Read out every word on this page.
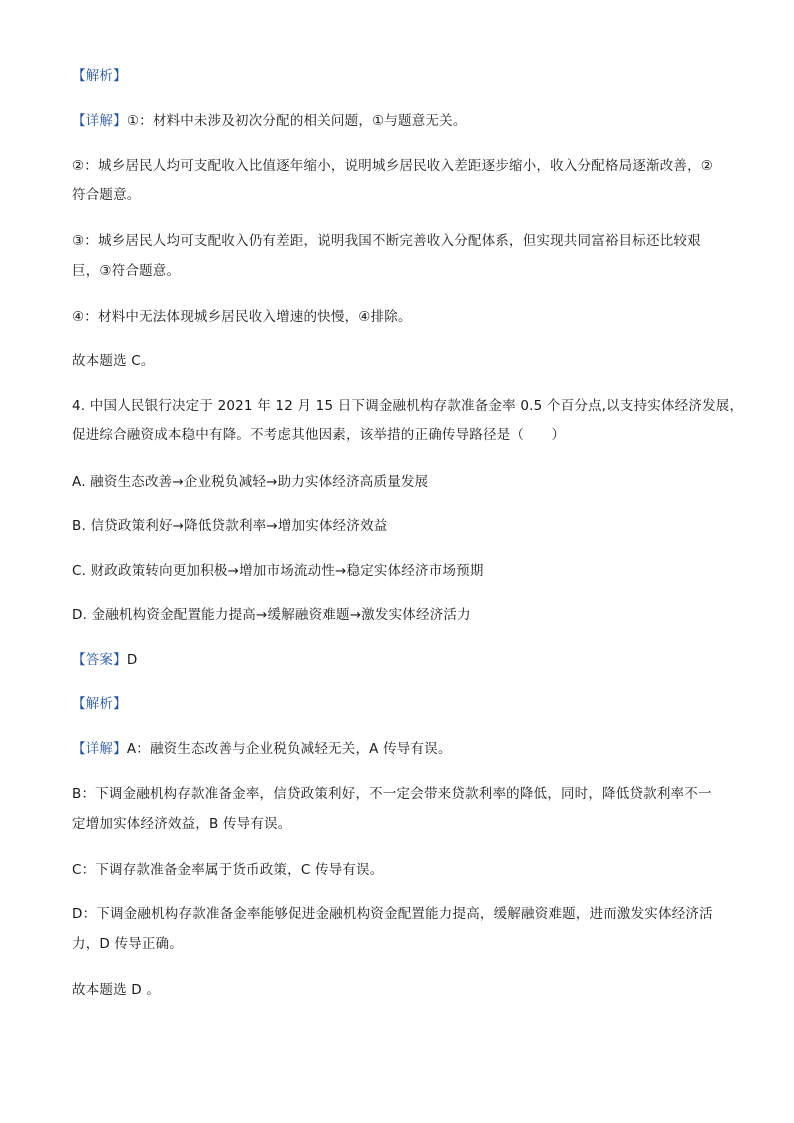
【解析】
【详解】①：材料中未涉及初次分配的相关问题，①与题意无关。
②：城乡居民人均可支配收入比值逐年缩小，说明城乡居民收入差距逐步缩小，收入分配格局逐渐改善，②
符合题意。
③：城乡居民人均可支配收入仍有差距，说明我国不断完善收入分配体系，但实现共同富裕目标还比较艰
巨，③符合题意。
④：材料中无法体现城乡居民收入增速的快慢，④排除。
故本题选 C。
4. 中国人民银行决定于 2021 年 12 月 15 日下调金融机构存款准备金率 0.5 个百分点,以支持实体经济发展，
促进综合融资成本稳中有降。不考虑其他因素，该举措的正确传导路径是（　　）
A. 融资生态改善→企业税负减轻→助力实体经济高质量发展
B. 信贷政策利好→降低贷款利率→增加实体经济效益
C. 财政政策转向更加积极→增加市场流动性→稳定实体经济市场预期
D. 金融机构资金配置能力提高→缓解融资难题→激发实体经济活力
【答案】D
【解析】
【详解】A：融资生态改善与企业税负减轻无关，A 传导有误。
B：下调金融机构存款准备金率，信贷政策利好，不一定会带来贷款利率的降低，同时，降低贷款利率不一
定增加实体经济效益，B 传导有误。
C：下调存款准备金率属于货币政策，C 传导有误。
D：下调金融机构存款准备金率能够促进金融机构资金配置能力提高，缓解融资难题，进而激发实体经济活
力，D 传导正确。
故本题选 D 。
